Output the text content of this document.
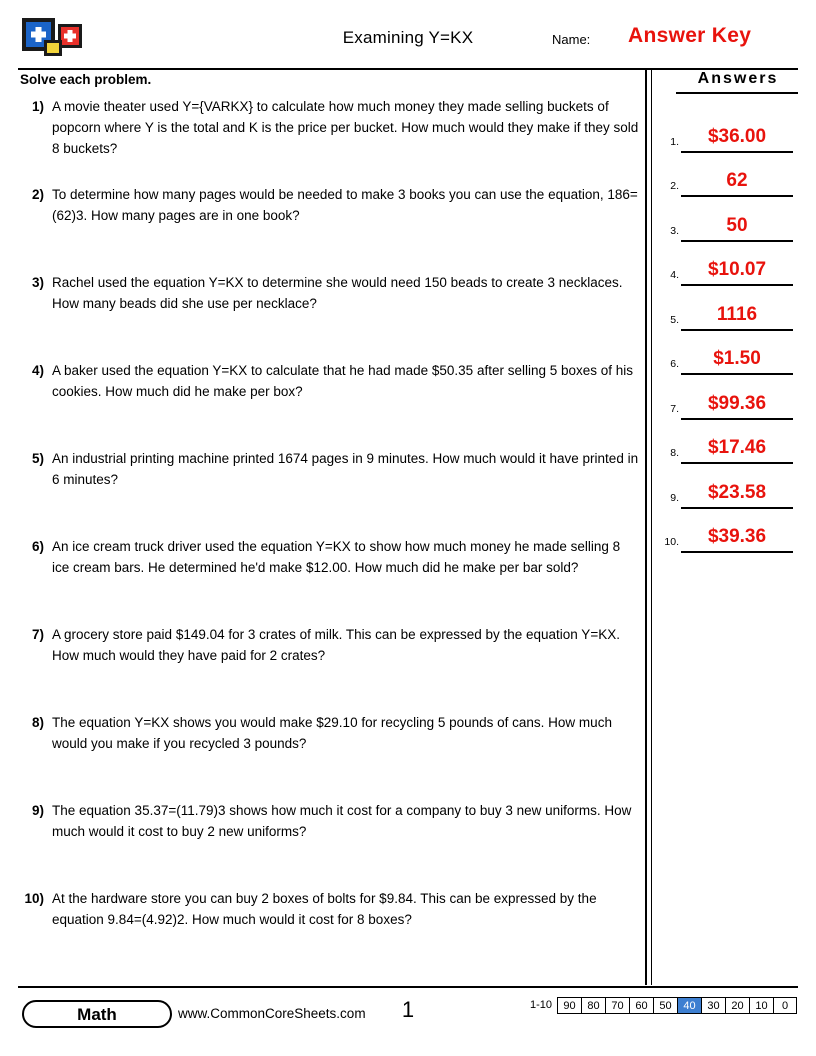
Examining Y=KX	Name: Answer Key
Solve each problem.
1) A movie theater used Y={VARKX} to calculate how much money they made selling buckets of popcorn where Y is the total and K is the price per bucket. How much would they make if they sold 8 buckets?
2) To determine how many pages would be needed to make 3 books you can use the equation, 186=(62)3. How many pages are in one book?
3) Rachel used the equation Y=KX to determine she would need 150 beads to create 3 necklaces. How many beads did she use per necklace?
4) A baker used the equation Y=KX to calculate that he had made $50.35 after selling 5 boxes of his cookies. How much did he make per box?
5) An industrial printing machine printed 1674 pages in 9 minutes. How much would it have printed in 6 minutes?
6) An ice cream truck driver used the equation Y=KX to show how much money he made selling 8 ice cream bars. He determined he'd make $12.00. How much did he make per bar sold?
7) A grocery store paid $149.04 for 3 crates of milk. This can be expressed by the equation Y=KX. How much would they have paid for 2 crates?
8) The equation Y=KX shows you would make $29.10 for recycling 5 pounds of cans. How much would you make if you recycled 3 pounds?
9) The equation 35.37=(11.79)3 shows how much it cost for a company to buy 3 new uniforms. How much would it cost to buy 2 new uniforms?
10) At the hardware store you can buy 2 boxes of bolts for $9.84. This can be expressed by the equation 9.84=(4.92)2. How much would it cost for 8 boxes?
Answers
1.	$36.00
2.	62
3.	50
4.	$10.07
5.	1116
6.	$1.50
7.	$99.36
8.	$17.46
9.	$23.58
10.	$39.36
Math	www.CommonCoreSheets.com	1	1-10	90	80	70	60	50	40	30	20	10	0
